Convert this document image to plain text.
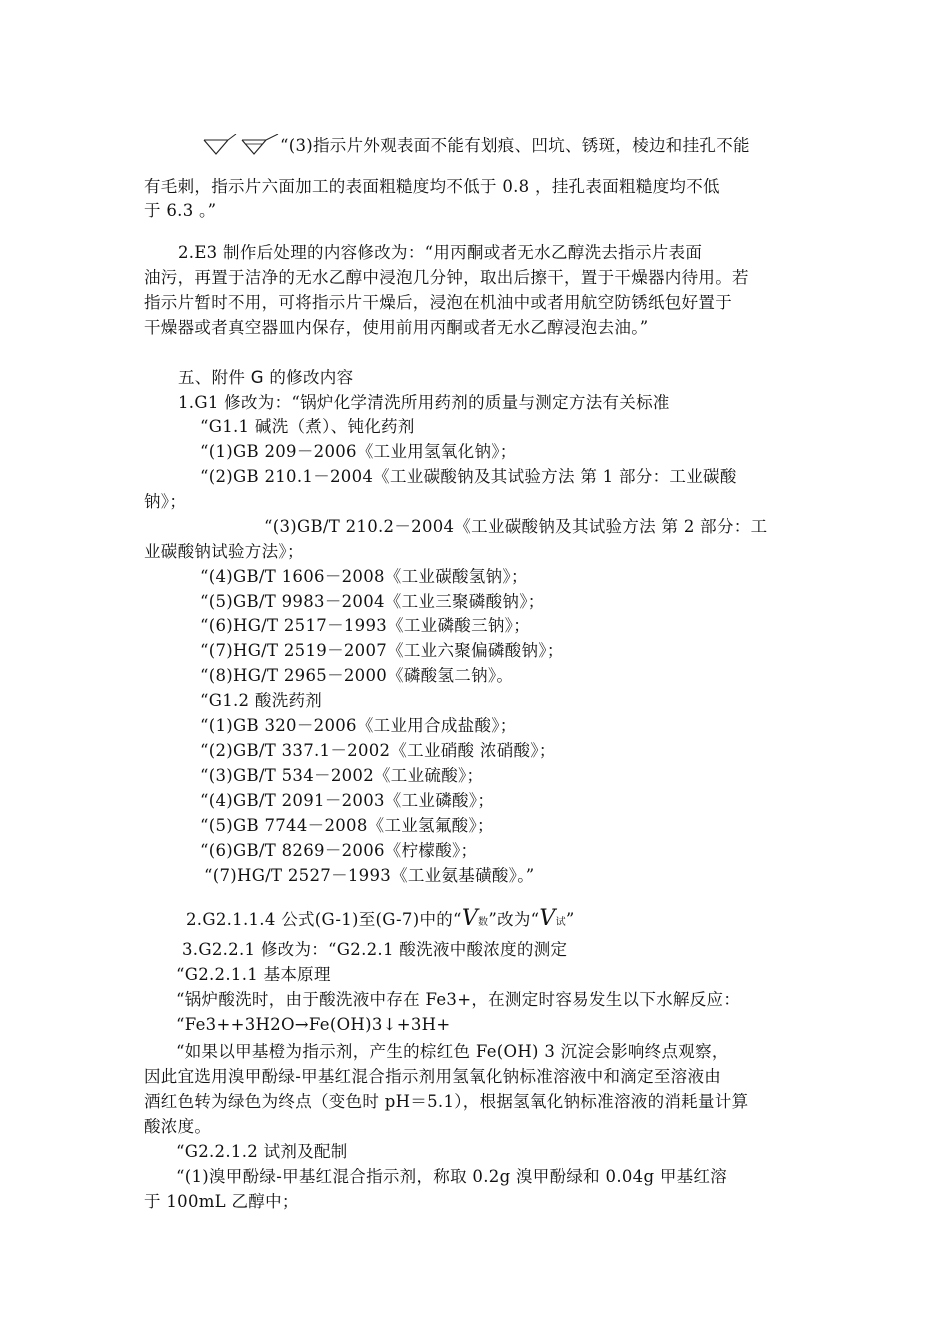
“(3)指示片外观表面不能有划痕、凹坑、锈斑，棱边和挂孔不能
有毛刺，指示片六面加工的表面粗糙度均不低于 0.8 ，挂孔表面粗糙度均不低
于 6.3 。”
2.E3 制作后处理的内容修改为：“用丙酮或者无水乙醇洗去指示片表面
油污，再置于洁净的无水乙醇中浸泡几分钟，取出后擦干，置于干燥器内待用。若
指示片暂时不用，可将指示片干燥后，浸泡在机油中或者用航空防锈纸包好置于
干燥器或者真空器皿内保存，使用前用丙酮或者无水乙醇浸泡去油。”
五、附件 G 的修改内容
1.G1 修改为：“锅炉化学清洗所用药剂的质量与测定方法有关标准
“G1.1 碱洗（煮）、钝化药剂
“(1)GB 209－2006《工业用氢氧化钠》；
“(2)GB 210.1－2004《工业碳酸钠及其试验方法 第 1 部分：工业碳酸
钠》；
“(3)GB/T 210.2－2004《工业碳酸钠及其试验方法 第 2 部分：工
业碳酸钠试验方法》；
“(4)GB/T 1606－2008《工业碳酸氢钠》；
“(5)GB/T 9983－2004《工业三聚磷酸钠》；
“(6)HG/T 2517－1993《工业磷酸三钠》；
“(7)HG/T 2519－2007《工业六聚偏磷酸钠》；
“(8)HG/T 2965－2000《磷酸氢二钠》。
“G1.2 酸洗药剂
“(1)GB 320－2006《工业用合成盐酸》；
“(2)GB/T 337.1－2002《工业硝酸 浓硝酸》；
“(3)GB/T 534－2002《工业硫酸》；
“(4)GB/T 2091－2003《工业磷酸》；
“(5)GB 7744－2008《工业氢氟酸》；
“(6)GB/T 8269－2006《柠檬酸》；
“(7)HG/T 2527－1993《工业氨基磺酸》。”
2.G2.1.1.4 公式(G-1)至(G-7)中的“V数”改为“V试”
3.G2.2.1 修改为：“G2.2.1 酸洗液中酸浓度的测定
“G2.2.1.1 基本原理
“锅炉酸洗时，由于酸洗液中存在 Fe3+，在测定时容易发生以下水解反应：
“Fe3++3H2O→Fe(OH)3↓+3H+
“如果以甲基橙为指示剂，产生的棕红色 Fe(OH) 3 沉淀会影响终点观察，
因此宜选用溴甲酚绿-甲基红混合指示剂用氢氧化钠标准溶液中和滴定至溶液由
酒红色转为绿色为终点（变色时 pH＝5.1），根据氢氧化钠标准溶液的消耗量计算
酸浓度。
“G2.2.1.2 试剂及配制
“(1)溴甲酚绿-甲基红混合指示剂，称取 0.2g 溴甲酚绿和 0.04g 甲基红溶
于 100mL 乙醇中；
